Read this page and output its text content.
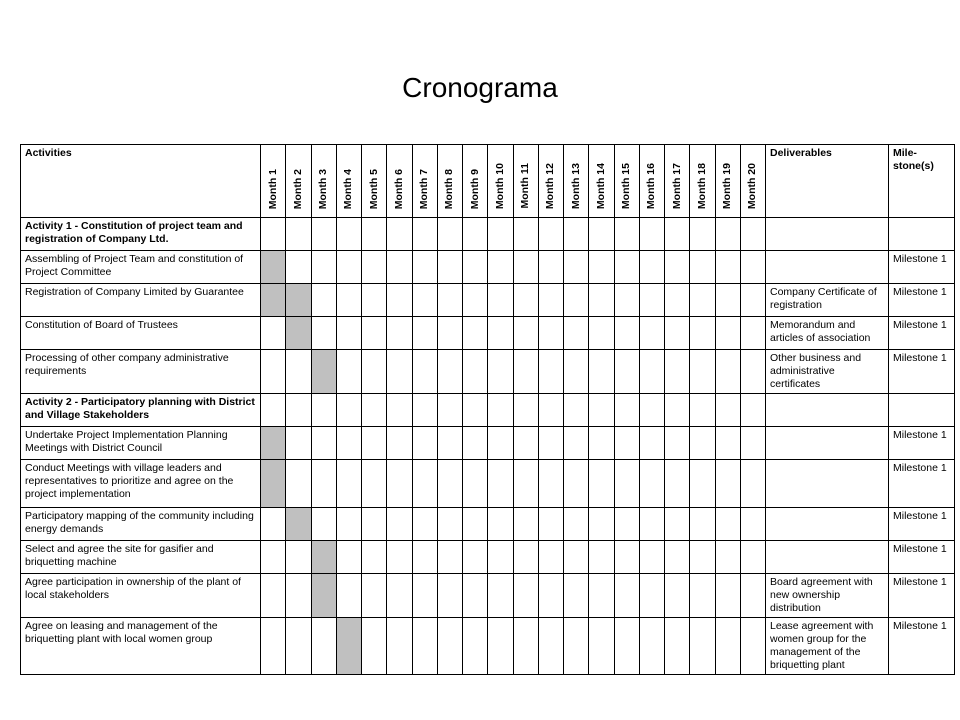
Cronograma
Activities	Month 1	Month 2	Month 3	Month 4	Month 5	Month 6	Month 7	Month 8	Month 9	Month 10	Month 11	Month 12	Month 13	Month 14	Month 15	Month 16	Month 17	Month 18	Month 19	Month 20	Deliverables	Mile-stone(s)
Activity 1 - Constitution of project team and registration of Company Ltd.																						
Assembling of Project Team and constitution of Project Committee																						Milestone 1
Registration of Company Limited by Guarantee																					Company Certificate of registration	Milestone 1
Constitution of Board of Trustees																					Memorandum and articles of association	Milestone 1
Processing of other company administrative requirements																					Other business and administrative certificates	Milestone 1
Activity 2 - Participatory planning with District and Village Stakeholders																						
Undertake Project Implementation Planning Meetings with District Council																						Milestone 1
Conduct Meetings with village leaders and representatives to prioritize and agree on the project implementation																						Milestone 1
Participatory mapping of the community including energy demands																						Milestone 1
Select and agree the site for gasifier and briquetting machine																						Milestone 1
Agree participation in ownership of the plant of local stakeholders																					Board agreement with new ownership distribution	Milestone 1
Agree on leasing and management of the briquetting plant with local women group																					Lease agreement with women group for the management of the briquetting plant	Milestone 1
